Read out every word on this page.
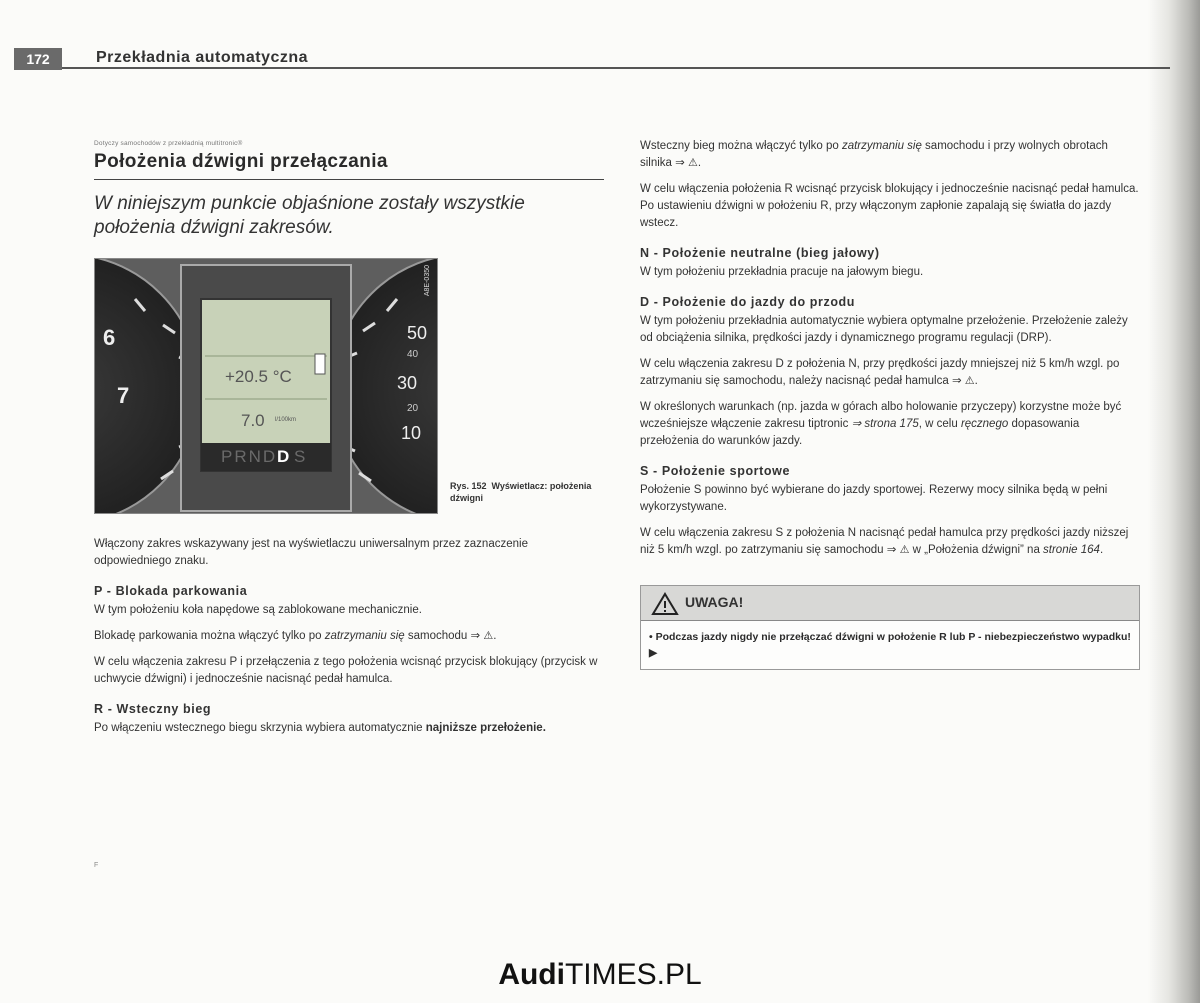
172	Przekładnia automatyczna
Dotyczy samochodów z przekładnią multitronic®
Położenia dźwigni przełączania

W niniejszym punkcie objaśnione zostały wszystkie położenia dźwigni zakresów.

6
7
50
40
30
20
10
+20.5 °C
7.0 l/100km
PRND D S
A8E-0350
Rys. 152 Wyświetlacz: położenia dźwigni

Włączony zakres wskazywany jest na wyświetlaczu uniwersalnym przez zaznaczenie odpowiedniego znaku.

P - Blokada parkowania

W tym położeniu koła napędowe są zablokowane mechanicznie.

Blokadę parkowania można włączyć tylko po zatrzymaniu się samochodu ⇒ ⚠.

W celu włączenia zakresu P i przełączenia z tego położenia wcisnąć przycisk blokujący (przycisk w uchwycie dźwigni) i jednocześnie nacisnąć pedał hamulca.

R - Wsteczny bieg

Po włączeniu wstecznego biegu skrzynia wybiera automatycznie najniższe przełożenie.

F

Wsteczny bieg można włączyć tylko po zatrzymaniu się samochodu i przy wolnych obrotach silnika ⇒ ⚠.

W celu włączenia położenia R wcisnąć przycisk blokujący i jednocześnie nacisnąć pedał hamulca. Po ustawieniu dźwigni w położeniu R, przy włączonym zapłonie zapalają się światła do jazdy wstecz.

N - Położenie neutralne (bieg jałowy)

W tym położeniu przekładnia pracuje na jałowym biegu.

D - Położenie do jazdy do przodu

W tym położeniu przekładnia automatycznie wybiera optymalne przełożenie. Przełożenie zależy od obciążenia silnika, prędkości jazdy i dynamicznego programu regulacji (DRP).

W celu włączenia zakresu D z położenia N, przy prędkości jazdy mniejszej niż 5 km/h wzgl. po zatrzymaniu się samochodu, należy nacisnąć pedał hamulca ⇒ ⚠.

W określonych warunkach (np. jazda w górach albo holowanie przyczepy) korzystne może być wcześniejsze włączenie zakresu tiptronic ⇒ strona 175, w celu ręcznego dopasowania przełożenia do warunków jazdy.

S - Położenie sportowe

Położenie S powinno być wybierane do jazdy sportowej. Rezerwy mocy silnika będą w pełni wykorzystywane.

W celu włączenia zakresu S z położenia N nacisnąć pedał hamulca przy prędkości jazdy niższej niż 5 km/h wzgl. po zatrzymaniu się samochodu ⇒ ⚠ w „Położenia dźwigni” na stronie 164.

UWAGA!
• Podczas jazdy nigdy nie przełączać dźwigni w położenie R lub P - niebezpieczeństwo wypadku! ▶
AudiTIMES.PL
